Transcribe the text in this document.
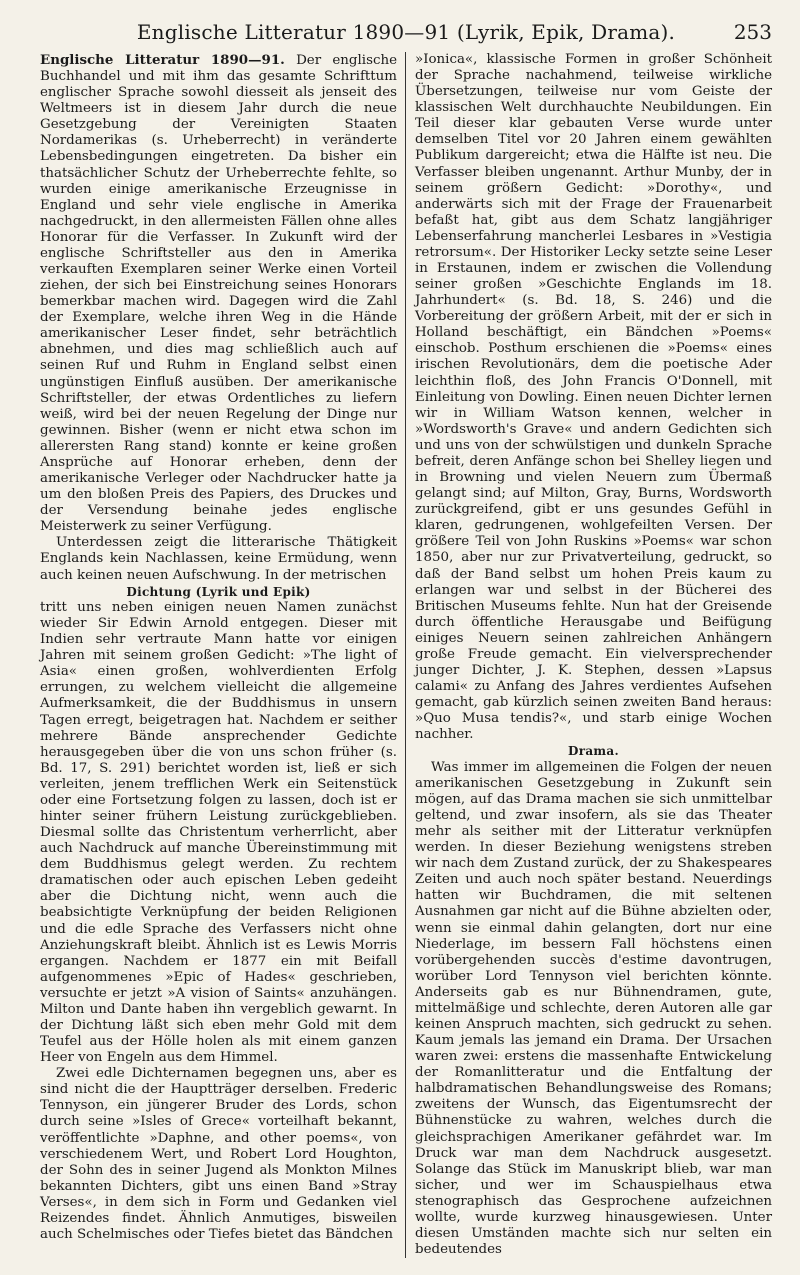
Englische Litteratur 1890—91 (Lyrik, Epik, Drama).	253

Englische Litteratur 1890—91. Der englische Buchhandel und mit ihm das gesamte Schrifttum englischer Sprache sowohl diesseit als jenseit des Weltmeers ist in diesem Jahr durch die neue Gesetzgebung der Vereinigten Staaten Nordamerikas (s. Urheberrecht) in veränderte Lebensbedingungen eingetreten. Da bisher ein thatsächlicher Schutz der Urheberrechte fehlte, so wurden einige amerikanische Erzeugnisse in England und sehr viele englische in Amerika nachgedruckt, in den allermeisten Fällen ohne alles Honorar für die Verfasser. In Zukunft wird der englische Schriftsteller aus den in Amerika verkauften Exemplaren seiner Werke einen Vorteil ziehen, der sich bei Einstreichung seines Honorars bemerkbar machen wird. Dagegen wird die Zahl der Exemplare, welche ihren Weg in die Hände amerikanischer Leser findet, sehr beträchtlich abnehmen, und dies mag schließlich auch auf seinen Ruf und Ruhm in England selbst einen ungünstigen Einfluß ausüben. Der amerikanische Schriftsteller, der etwas Ordentliches zu liefern weiß, wird bei der neuen Regelung der Dinge nur gewinnen. Bisher (wenn er nicht etwa schon im allerersten Rang stand) konnte er keine großen Ansprüche auf Honorar erheben, denn der amerikanische Verleger oder Nachdrucker hatte ja um den bloßen Preis des Papiers, des Druckes und der Versendung beinahe jedes englische Meisterwerk zu seiner Verfügung.

Unterdessen zeigt die litterarische Thätigkeit Englands kein Nachlassen, keine Ermüdung, wenn auch keinen neuen Aufschwung. In der metrischen

Dichtung (Lyrik und Epik)

tritt uns neben einigen neuen Namen zunächst wieder Sir Edwin Arnold entgegen. Dieser mit Indien sehr vertraute Mann hatte vor einigen Jahren mit seinem großen Gedicht: »The light of Asia« einen großen, wohlverdienten Erfolg errungen, zu welchem vielleicht die allgemeine Aufmerksamkeit, die der Buddhismus in unsern Tagen erregt, beigetragen hat. Nachdem er seither mehrere Bände ansprechender Gedichte herausgegeben über die von uns schon früher (s. Bd. 17, S. 291) berichtet worden ist, ließ er sich verleiten, jenem trefflichen Werk ein Seitenstück oder eine Fortsetzung folgen zu lassen, doch ist er hinter seiner frühern Leistung zurückgeblieben. Diesmal sollte das Christentum verherrlicht, aber auch Nachdruck auf manche Übereinstimmung mit dem Buddhismus gelegt werden. Zu rechtem dramatischen oder auch epischen Leben gedeiht aber die Dichtung nicht, wenn auch die beabsichtigte Verknüpfung der beiden Religionen und die edle Sprache des Verfassers nicht ohne Anziehungskraft bleibt. Ähnlich ist es Lewis Morris ergangen. Nachdem er 1877 ein mit Beifall aufgenommenes »Epic of Hades« geschrieben, versuchte er jetzt »A vision of Saints« anzuhängen. Milton und Dante haben ihn vergeblich gewarnt. In der Dichtung läßt sich eben mehr Gold mit dem Teufel aus der Hölle holen als mit einem ganzen Heer von Engeln aus dem Himmel.

Zwei edle Dichternamen begegnen uns, aber es sind nicht die der Hauptträger derselben. Frederic Tennyson, ein jüngerer Bruder des Lords, schon durch seine »Isles of Grece« vorteilhaft bekannt, veröffentlichte »Daphne, and other poems«, von verschiedenem Wert, und Robert Lord Houghton, der Sohn des in seiner Jugend als Monkton Milnes bekannten Dichters, gibt uns einen Band »Stray Verses«, in dem sich in Form und Gedanken viel Reizendes findet. Ähnlich Anmutiges, bisweilen auch Schelmisches oder Tiefes bietet das Bändchen

»Ionica«, klassische Formen in großer Schönheit der Sprache nachahmend, teilweise wirkliche Übersetzungen, teilweise nur vom Geiste der klassischen Welt durchhauchte Neubildungen. Ein Teil dieser klar gebauten Verse wurde unter demselben Titel vor 20 Jahren einem gewählten Publikum dargereicht; etwa die Hälfte ist neu. Die Verfasser bleiben ungenannt. Arthur Munby, der in seinem größern Gedicht: »Dorothy«, und anderwärts sich mit der Frage der Frauenarbeit befaßt hat, gibt aus dem Schatz langjähriger Lebenserfahrung mancherlei Lesbares in »Vestigia retrorsum«. Der Historiker Lecky setzte seine Leser in Erstaunen, indem er zwischen die Vollendung seiner großen »Geschichte Englands im 18. Jahrhundert« (s. Bd. 18, S. 246) und die Vorbereitung der größern Arbeit, mit der er sich in Holland beschäftigt, ein Bändchen »Poems« einschob. Posthum erschienen die »Poems« eines irischen Revolutionärs, dem die poetische Ader leichthin floß, des John Francis O'Donnell, mit Einleitung von Dowling. Einen neuen Dichter lernen wir in William Watson kennen, welcher in »Wordsworth's Grave« und andern Gedichten sich und uns von der schwülstigen und dunkeln Sprache befreit, deren Anfänge schon bei Shelley liegen und in Browning und vielen Neuern zum Übermaß gelangt sind; auf Milton, Gray, Burns, Wordsworth zurückgreifend, gibt er uns gesundes Gefühl in klaren, gedrungenen, wohlgefeilten Versen. Der größere Teil von John Ruskins »Poems« war schon 1850, aber nur zur Privatverteilung, gedruckt, so daß der Band selbst um hohen Preis kaum zu erlangen war und selbst in der Bücherei des Britischen Museums fehlte. Nun hat der Greisende durch öffentliche Herausgabe und Beifügung einiges Neuern seinen zahlreichen Anhängern große Freude gemacht. Ein vielversprechender junger Dichter, J. K. Stephen, dessen »Lapsus calami« zu Anfang des Jahres verdientes Aufsehen gemacht, gab kürzlich seinen zweiten Band heraus: »Quo Musa tendis?«, und starb einige Wochen nachher.

Drama.

Was immer im allgemeinen die Folgen der neuen amerikanischen Gesetzgebung in Zukunft sein mögen, auf das Drama machen sie sich unmittelbar geltend, und zwar insofern, als sie das Theater mehr als seither mit der Litteratur verknüpfen werden. In dieser Beziehung wenigstens streben wir nach dem Zustand zurück, der zu Shakespeares Zeiten und auch noch später bestand. Neuerdings hatten wir Buchdramen, die mit seltenen Ausnahmen gar nicht auf die Bühne abzielten oder, wenn sie einmal dahin gelangten, dort nur eine Niederlage, im bessern Fall höchstens einen vorübergehenden succès d'estime davontrugen, worüber Lord Tennyson viel berichten könnte. Anderseits gab es nur Bühnendramen, gute, mittelmäßige und schlechte, deren Autoren alle gar keinen Anspruch machten, sich gedruckt zu sehen. Kaum jemals las jemand ein Drama. Der Ursachen waren zwei: erstens die massenhafte Entwickelung der Romanlitteratur und die Entfaltung der halbdramatischen Behandlungsweise des Romans; zweitens der Wunsch, das Eigentumsrecht der Bühnenstücke zu wahren, welches durch die gleichsprachigen Amerikaner gefährdet war. Im Druck war man dem Nachdruck ausgesetzt. Solange das Stück im Manuskript blieb, war man sicher, und wer im Schauspielhaus etwa stenographisch das Gesprochene aufzeichnen wollte, wurde kurzweg hinausgewiesen. Unter diesen Umständen machte sich nur selten ein bedeutendes
